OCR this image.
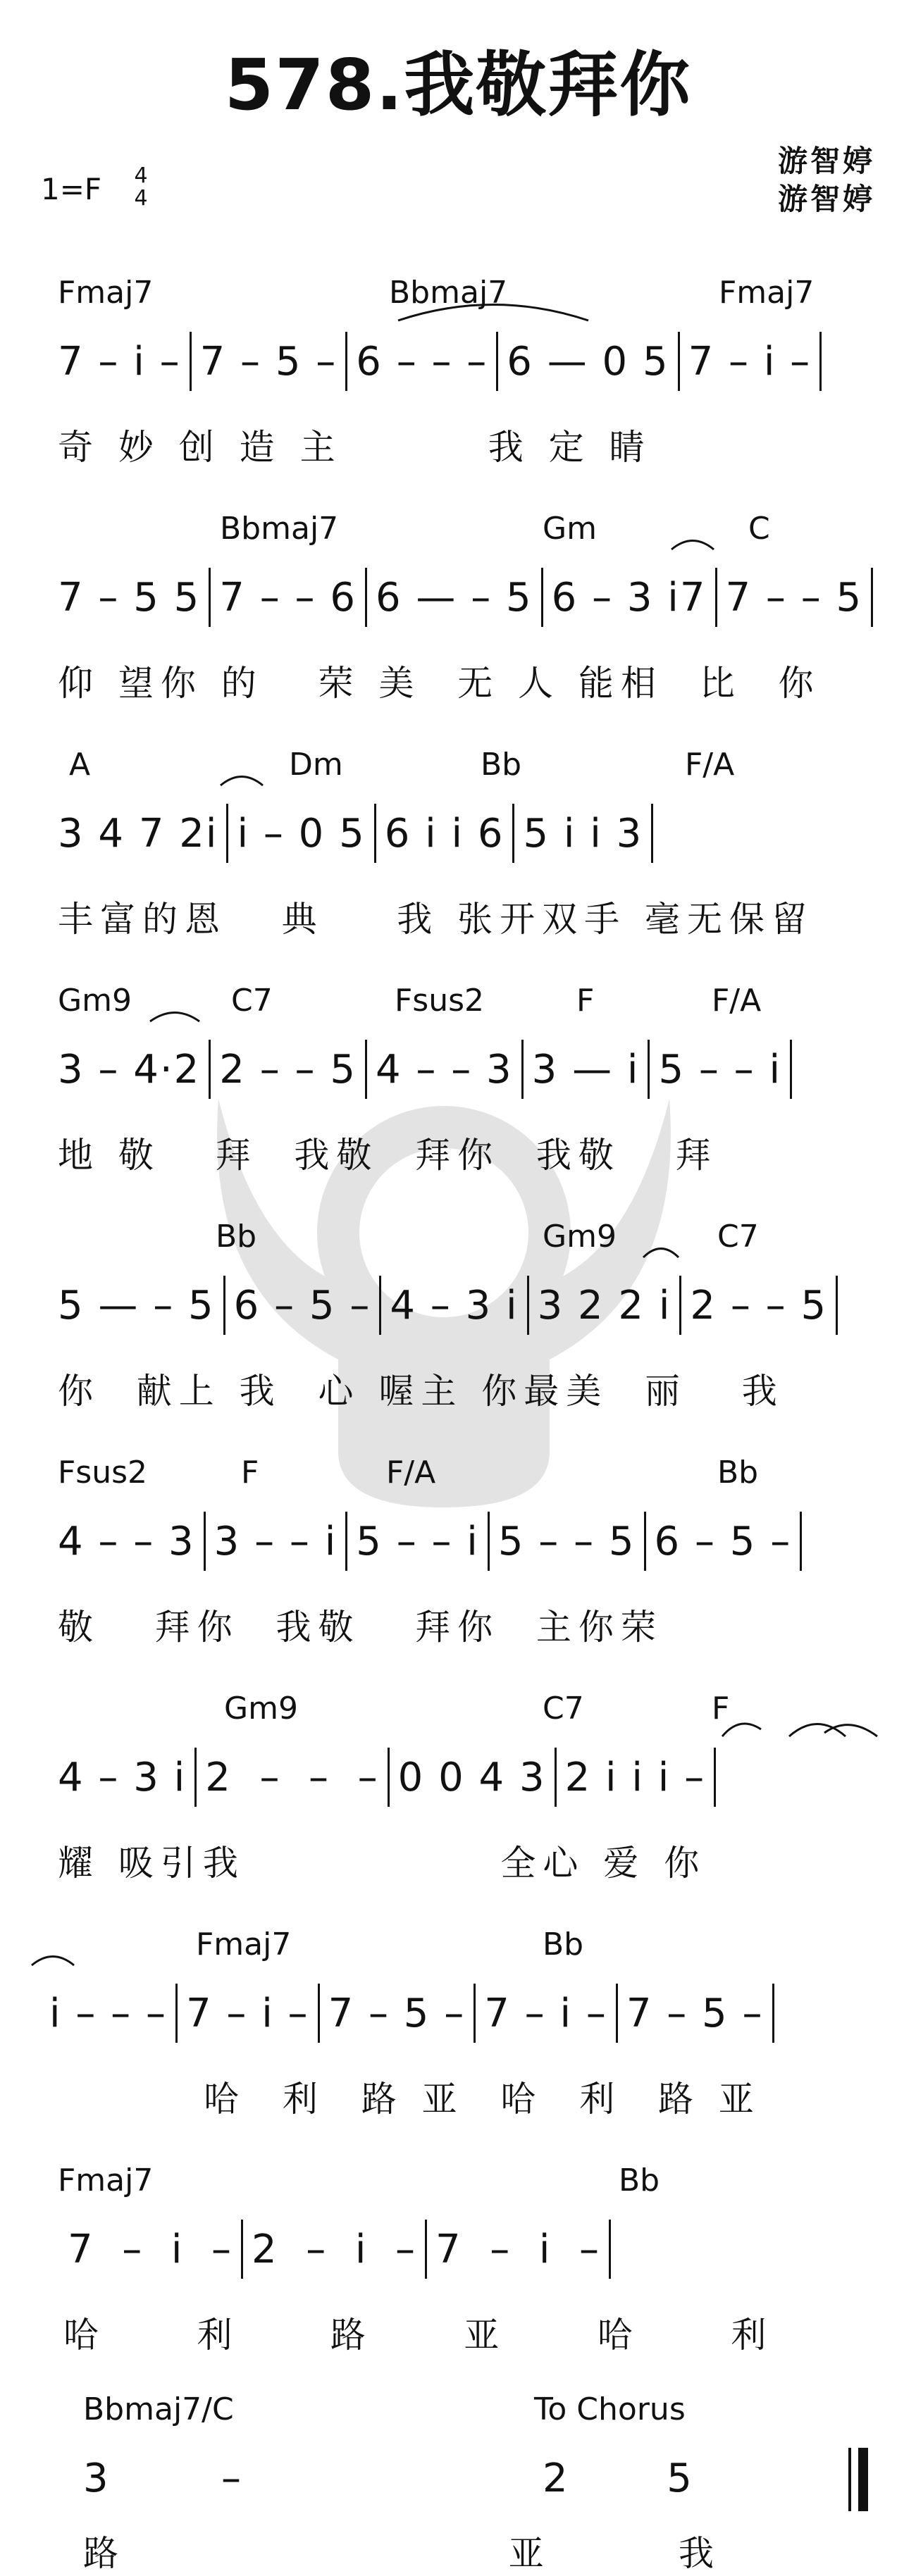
578.我敬拜你
1=F 4
4
游智婷
游智婷
Fmaj7	Bbmaj7	Fmaj7
7 – i – 7 – 5 – 6 – – – 6 — 0 5 7 – i –
奇 妙 创 造 主        我 定 睛
Bbmaj7	Gm	C
7 – 5 5 7 – – 6 6 — – 5 6 – 3 i7 7 – – 5
仰 望你 的   荣 美  无 人 能相  比  你
A	Dm	Bb	F/A
3 4 7 2i i – 0 5 6 i i 6 5 i i 3
丰富的恩   典    我 张开双手 毫无保留
Gm9	C7	Fsus2	F	F/A
3 – 4·2 2 – – 5 4 – – 3 3 — i 5 – – i
地 敬   拜  我敬  拜你  我敬   拜
Bb	Gm9	C7
5 — – 5 6 – 5 – 4 – 3 i 3 2 2 i 2 – – 5
你  献上 我  心 喔主 你最美  丽   我
Fsus2	F	F/A	Bb
4 – – 3 3 – – i 5 – – i 5 – – 5 6 – 5 –
敬   拜你  我敬   拜你  主你荣
Gm9	C7	F
4 – 3 i 2  –  –  – 0 0 4 3 2 i i i –
耀 吸引我              全心 爱 你
Fmaj7	Bb
i – – – 7 – i – 7 – 5 – 7 – i – 7 – 5 –
哈  利  路 亚  哈  利  路 亚
Fmaj7	Bb
7  –  i  – 2  –  i  – 7  –  i  –
哈     利     路     亚     哈     利
Bbmaj7/C	To Chorus
3        –	2       5
路                     亚       我
